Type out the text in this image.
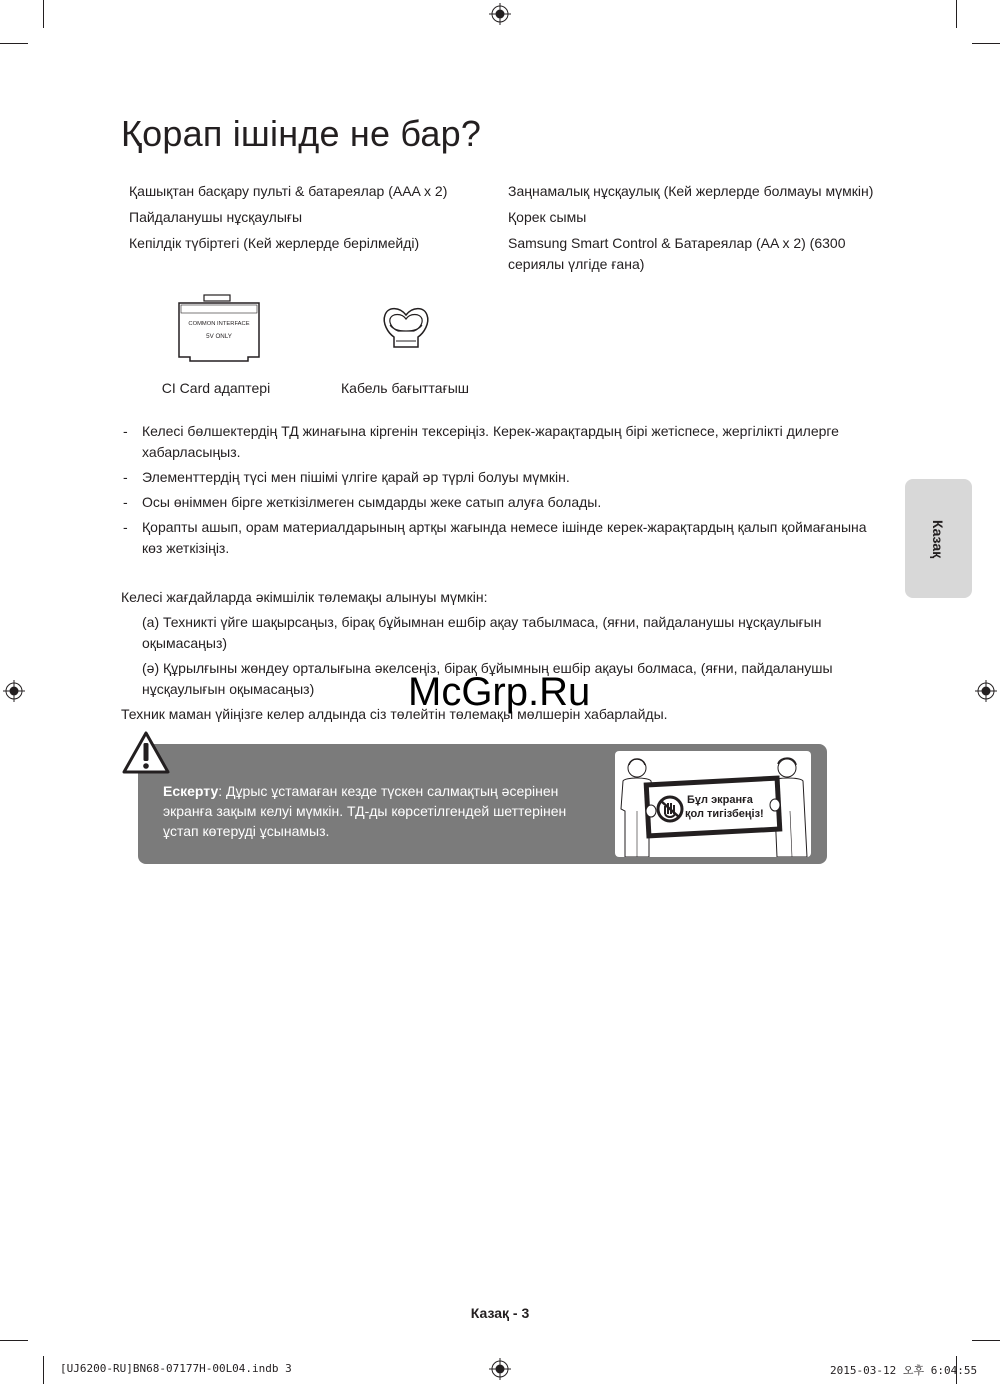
Қорап ішінде не бар?
Қашықтан басқару пульті & батареялар (AAA x 2)
Пайдаланушы нұсқаулығы
Кепілдік түбіртегі (Кей жерлерде берілмейді)
Заңнамалық нұсқаулық (Кей жерлерде болмауы мүмкін)
Қорек сымы
Samsung Smart Control & Батареялар (AA x 2) (6300 сериялы үлгіде ғана)
COMMON INTERFACE
5V ONLY
CI Card адаптері	Кабель бағыттағыш
- Келесі бөлшектердің ТД жинағына кіргенін тексеріңіз. Керек-жарақтардың бірі жетіспесе, жергілікті дилерге хабарласыңыз.
- Элементтердің түсі мен пішімі үлгіге қарай әр түрлі болуы мүмкін.
- Осы өніммен бірге жеткізілмеген сымдарды жеке сатып алуға болады.
- Қорапты ашып, орам материалдарының артқы жағында немесе ішінде керек-жарақтардың қалып қоймағанына көз жеткізіңіз.
Келесі жағдайларда әкімшілік төлемақы алынуы мүмкін:
(а) Техникті үйге шақырсаңыз, бірақ бұйымнан ешбір ақау табылмаса, (яғни, пайдаланушы нұсқаулығын оқымасаңыз)
(ә) Құрылғыны жөндеу орталығына әкелсеңіз, бірақ бұйымның ешбір ақауы болмаса, (яғни, пайдаланушы нұсқаулығын оқымасаңыз)
Техник маман үйіңізге келер алдында сіз төлейтін төлемақы мөлшерін хабарлайды.
Казақ
Ескерту: Дұрыс ұстамаған кезде түскен салмақтың әсерінен экранға зақым келуі мүмкін. ТД-ды көрсетілгендей шеттерінен ұстап көтеруді ұсынамыз.
Бұл экранға
қол тигізбеңіз!
McGrp.Ru
Казақ - 3
[UJ6200-RU]BN68-07177H-00L04.indb 3	2015-03-12 오후 6:04:55
